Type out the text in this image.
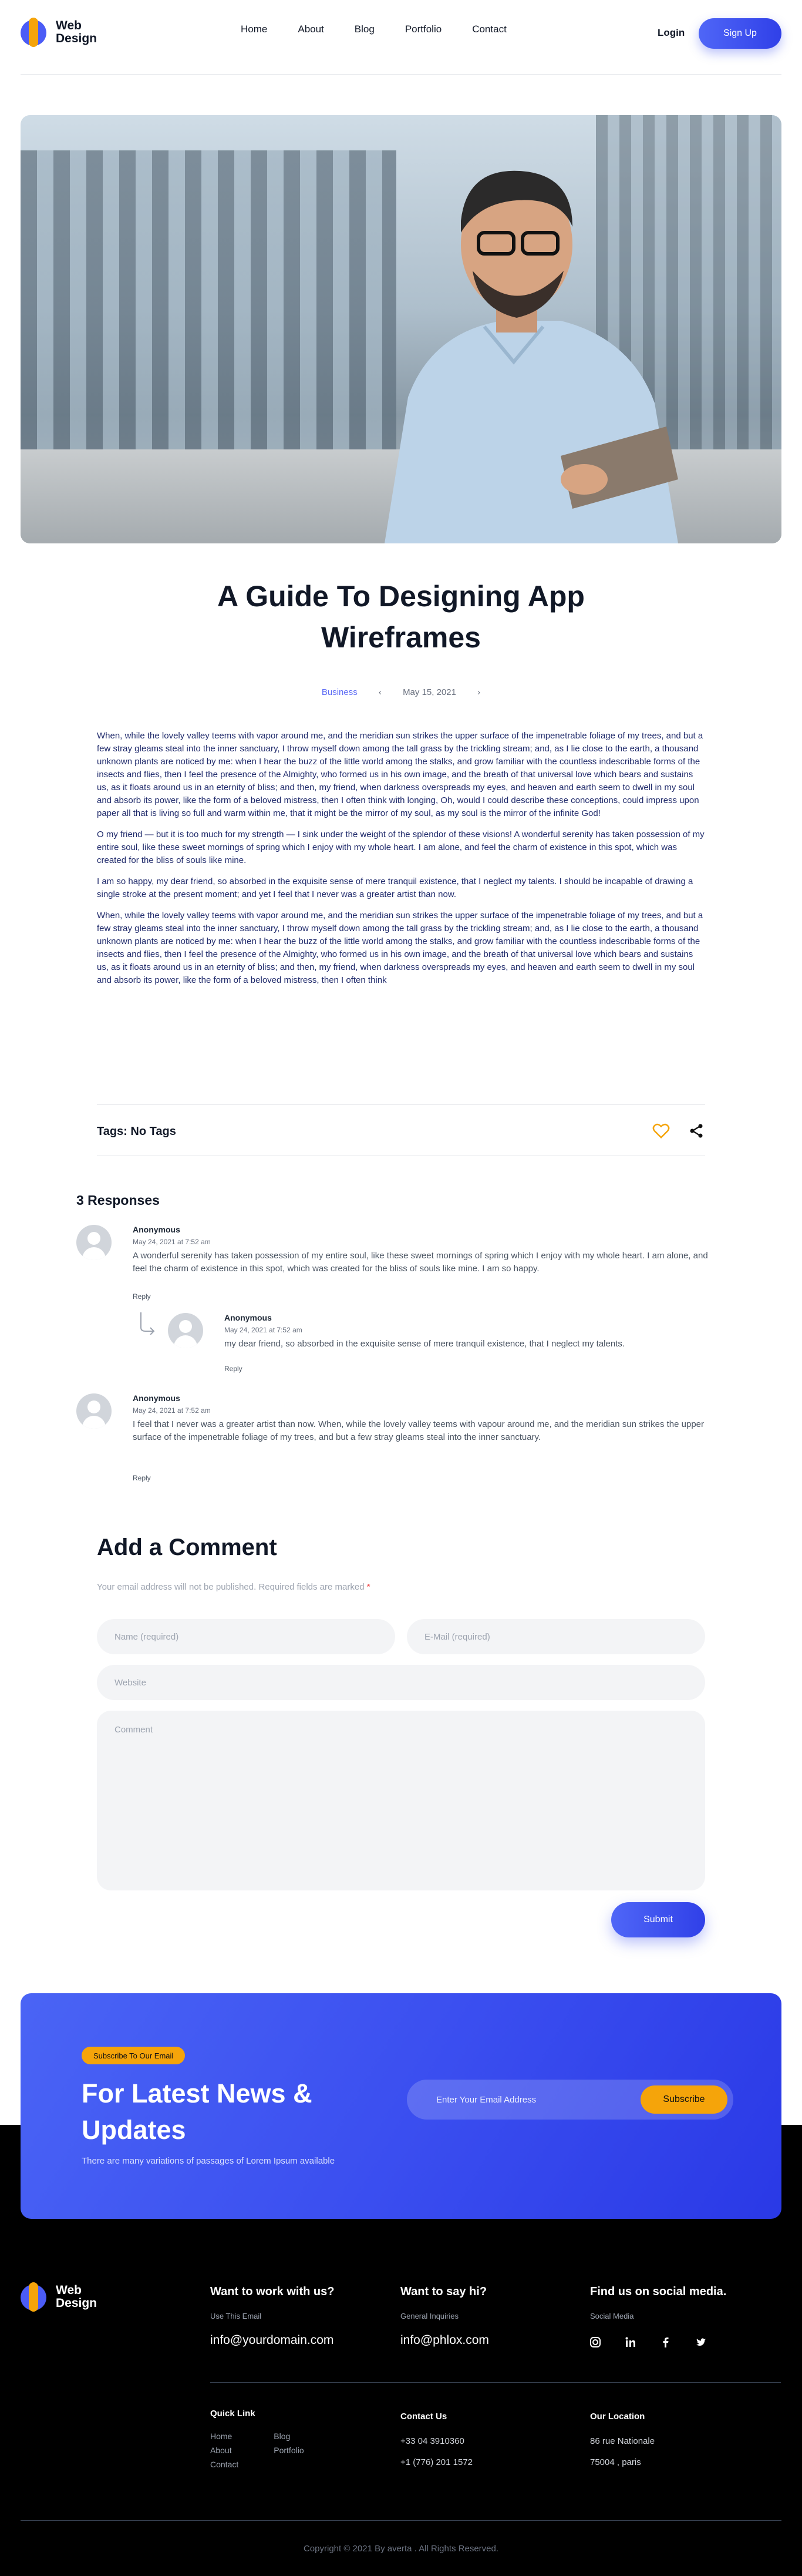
Web
Design
Home	About	Blog	Portfolio	Contact	Login	Sign Up
A Guide To Designing App Wireframes
Business ‹ May 15, 2021 ›

When, while the lovely valley teems with vapor around me, and the meridian sun strikes the upper surface of the impenetrable foliage of my trees, and but a few stray gleams steal into the inner sanctuary, I throw myself down among the tall grass by the trickling stream; and, as I lie close to the earth, a thousand unknown plants are noticed by me: when I hear the buzz of the little world among the stalks, and grow familiar with the countless indescribable forms of the insects and flies, then I feel the presence of the Almighty, who formed us in his own image, and the breath of that universal love which bears and sustains us, as it floats around us in an eternity of bliss; and then, my friend, when darkness overspreads my eyes, and heaven and earth seem to dwell in my soul and absorb its power, like the form of a beloved mistress, then I often think with longing, Oh, would I could describe these conceptions, could impress upon paper all that is living so full and warm within me, that it might be the mirror of my soul, as my soul is the mirror of the infinite God!

O my friend — but it is too much for my strength — I sink under the weight of the splendor of these visions! A wonderful serenity has taken possession of my entire soul, like these sweet mornings of spring which I enjoy with my whole heart. I am alone, and feel the charm of existence in this spot, which was created for the bliss of souls like mine.

I am so happy, my dear friend, so absorbed in the exquisite sense of mere tranquil existence, that I neglect my talents. I should be incapable of drawing a single stroke at the present moment; and yet I feel that I never was a greater artist than now.

When, while the lovely valley teems with vapor around me, and the meridian sun strikes the upper surface of the impenetrable foliage of my trees, and but a few stray gleams steal into the inner sanctuary, I throw myself down among the tall grass by the trickling stream; and, as I lie close to the earth, a thousand unknown plants are noticed by me: when I hear the buzz of the little world among the stalks, and grow familiar with the countless indescribable forms of the insects and flies, then I feel the presence of the Almighty, who formed us in his own image, and the breath of that universal love which bears and sustains us, as it floats around us in an eternity of bliss; and then, my friend, when darkness overspreads my eyes, and heaven and earth seem to dwell in my soul and absorb its power, like the form of a beloved mistress, then I often think

Tags: No Tags
3 Responses
Anonymous
May 24, 2021 at 7:52 am
A wonderful serenity has taken possession of my entire soul, like these sweet mornings of spring which I enjoy with my whole heart. I am alone, and feel the charm of existence in this spot, which was created for the bliss of souls like mine. I am so happy.
Reply
Anonymous
May 24, 2021 at 7:52 am
my dear friend, so absorbed in the exquisite sense of mere tranquil existence, that I neglect my talents.
Reply
Anonymous
May 24, 2021 at 7:52 am
I feel that I never was a greater artist than now. When, while the lovely valley teems with vapour around me, and the meridian sun strikes the upper surface of the impenetrable foliage of my trees, and but a few stray gleams steal into the inner sanctuary.
Reply
Add a Comment
Your email address will not be published. Required fields are marked *
Name (required)
E-Mail (required)
Website
Comment
Submit
Subscribe To Our Email
For Latest News & Updates
There are many variations of passages of Lorem Ipsum available
Enter Your Email Address
Subscribe
Web
Design
Want to work with us?
Use This Email
info@yourdomain.com
Want to say hi?
General Inquiries
info@phlox.com
Find us on social media.
Social Media
Quick Link
Home
About
Contact
Blog
Portfolio
Contact Us
+33 04 3910360
+1 (776) 201 1572
Our Location
86 rue Nationale
75004 , paris
Copyright © 2021 By averta . All Rights Reserved.
